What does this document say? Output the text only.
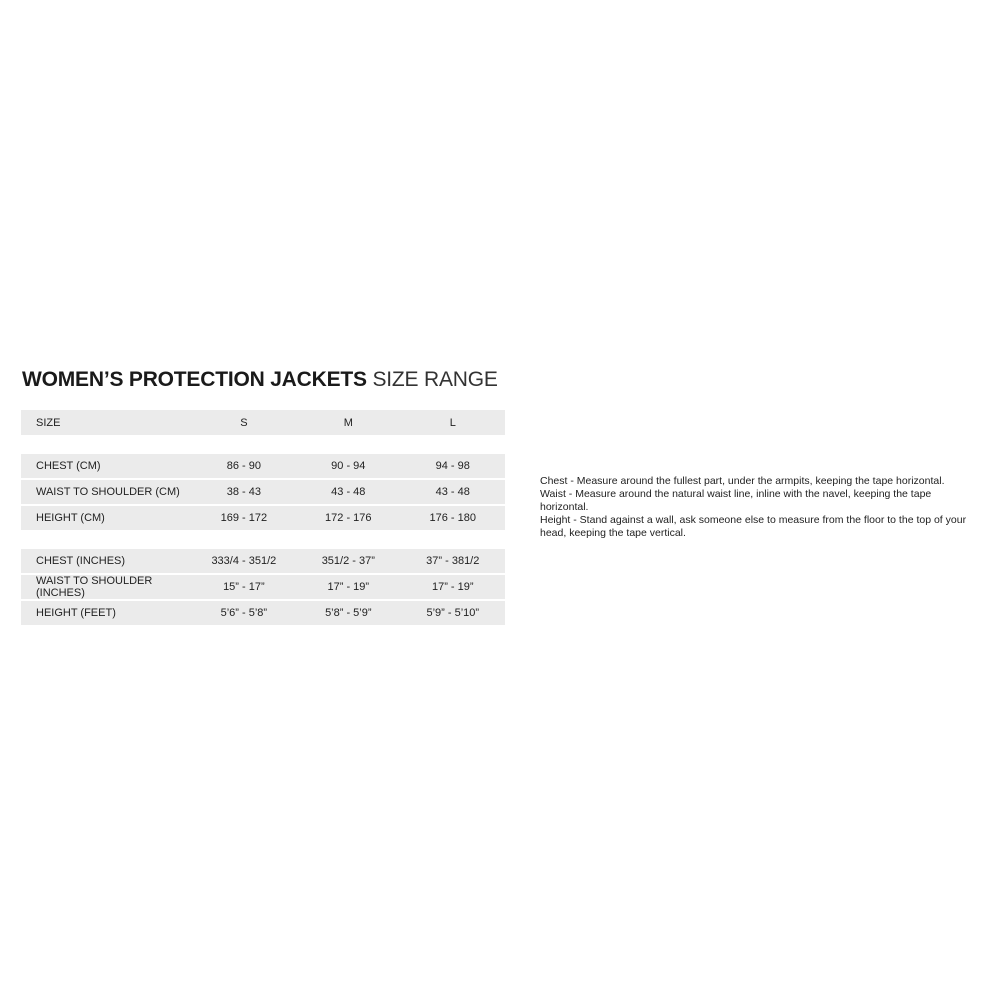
WOMEN’S PROTECTION JACKETS SIZE RANGE
SIZE	S	M	L

CHEST (CM)	86 - 90	90 - 94	94 - 98
WAIST TO SHOULDER (CM)	38 - 43	43 - 48	43 - 48
HEIGHT (CM)	169 - 172	172 - 176	176 - 180

CHEST (INCHES)	333/4 - 351/2	351/2 - 37”	37” - 381/2
WAIST TO SHOULDER (INCHES)	15” - 17”	17” - 19”	17” - 19”
HEIGHT (FEET)	5’6” - 5’8”	5’8” - 5’9”	5’9” - 5’10”

Chest - Measure around the fullest part, under the armpits, keeping the tape horizontal.

Waist - Measure around the natural waist line, inline with the navel, keeping the tape horizontal.

Height - Stand against a wall, ask someone else to measure from the floor to the top of your head, keeping the tape vertical.
